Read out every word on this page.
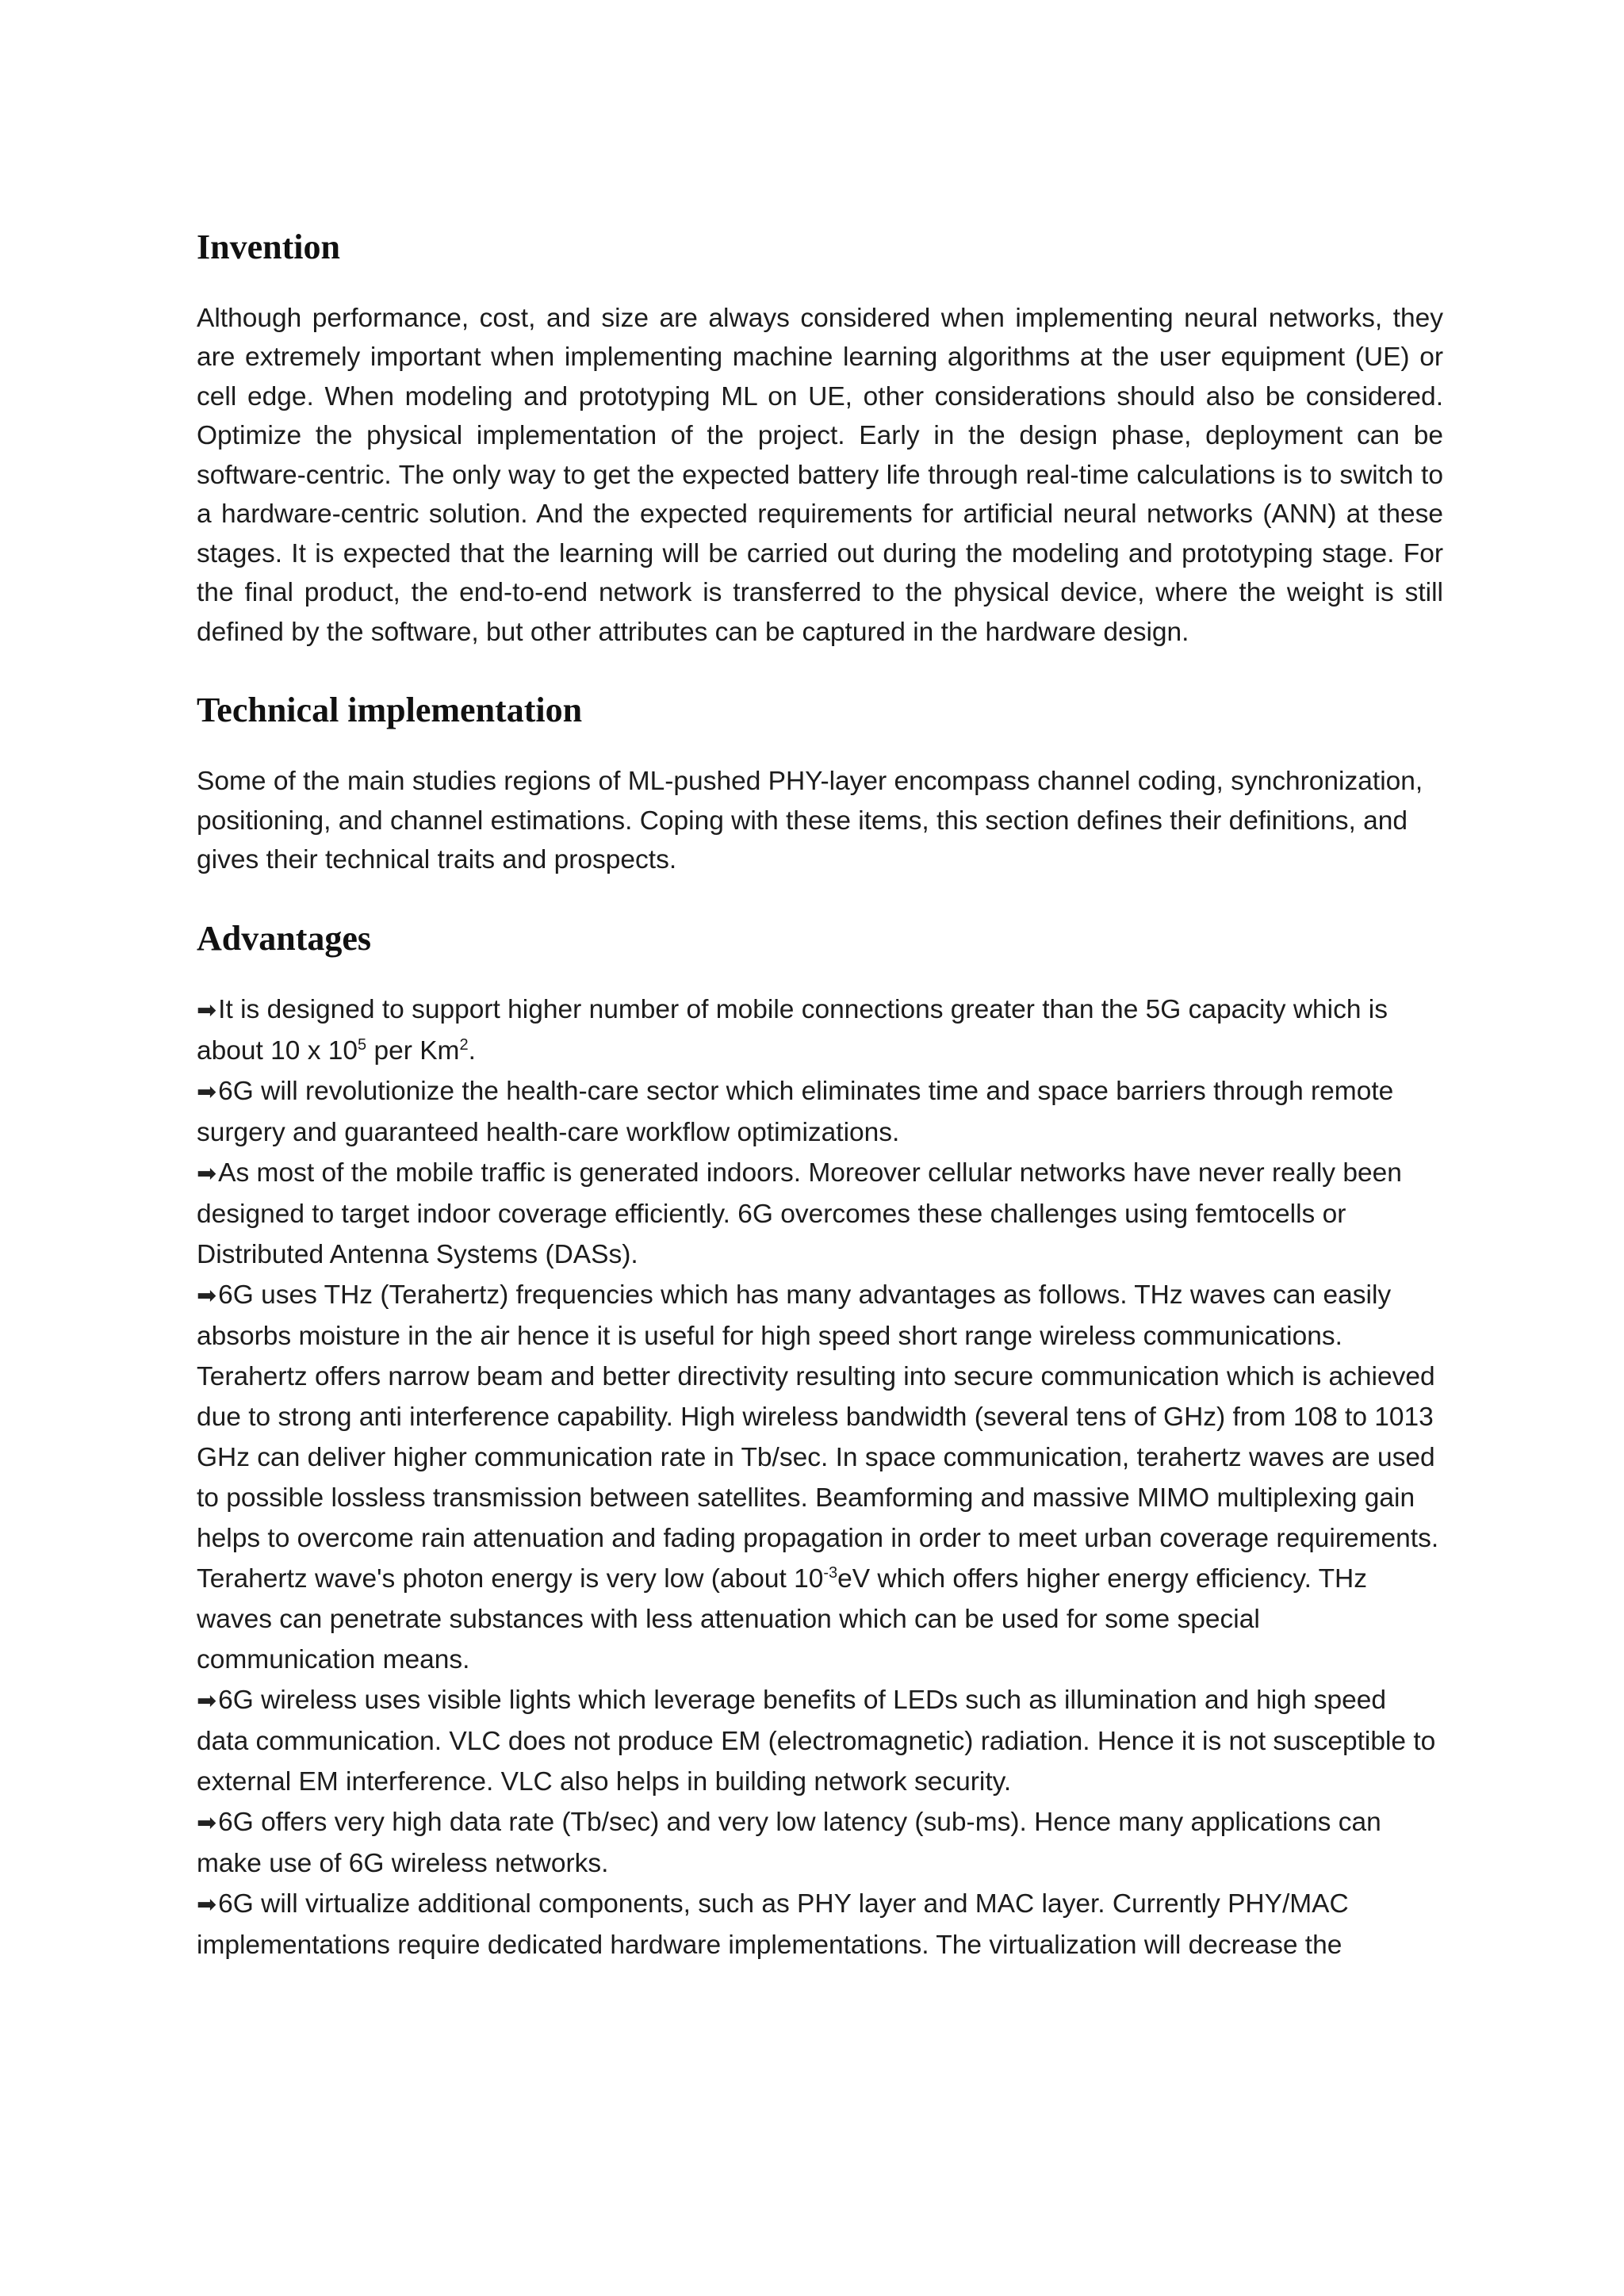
Invention

Although performance, cost, and size are always considered when implementing neural networks, they are extremely important when implementing machine learning algorithms at the user equipment (UE) or cell edge. When modeling and prototyping ML on UE, other considerations should also be considered. Optimize the physical implementation of the project. Early in the design phase, deployment can be software-centric. The only way to get the expected battery life through real-time calculations is to switch to a hardware-centric solution. And the expected requirements for artificial neural networks (ANN) at these stages. It is expected that the learning will be carried out during the modeling and prototyping stage. For the final product, the end-to-end network is transferred to the physical device, where the weight is still defined by the software, but other attributes can be captured in the hardware design.

Technical implementation

Some of the main studies regions of ML-pushed PHY-layer encompass channel coding, synchronization, positioning, and channel estimations. Coping with these items, this section defines their definitions, and gives their technical traits and prospects.

Advantages

➡It is designed to support higher number of mobile connections greater than the 5G capacity which is about 10 x $10^5$ per Km$^2$.

➡6G will revolutionize the health-care sector which eliminates time and space barriers through remote surgery and guaranteed health-care workflow optimizations.

➡As most of the mobile traffic is generated indoors. Moreover cellular networks have never really been designed to target indoor coverage efficiently. 6G overcomes these challenges using femtocells or Distributed Antenna Systems (DASs).

➡6G uses THz (Terahertz) frequencies which has many advantages as follows. THz waves can easily absorbs moisture in the air hence it is useful for high speed short range wireless communications. Terahertz offers narrow beam and better directivity resulting into secure communication which is achieved due to strong anti interference capability. High wireless bandwidth (several tens of GHz) from 108 to 1013 GHz can deliver higher communication rate in Tb/sec. In space communication, terahertz waves are used to possible lossless transmission between satellites. Beamforming and massive MIMO multiplexing gain helps to overcome rain attenuation and fading propagation in order to meet urban coverage requirements. Terahertz wave's photon energy is very low (about $10^{-3}eV$ which offers higher energy efficiency. THz waves can penetrate substances with less attenuation which can be used for some special communication means.

➡6G wireless uses visible lights which leverage benefits of LEDs such as illumination and high speed data communication. VLC does not produce EM (electromagnetic) radiation. Hence it is not susceptible to external EM interference. VLC also helps in building network security.

➡6G offers very high data rate (Tb/sec) and very low latency (sub-ms). Hence many applications can make use of 6G wireless networks.

➡6G will virtualize additional components, such as PHY layer and MAC layer. Currently PHY/MAC implementations require dedicated hardware implementations. The virtualization will decrease the
